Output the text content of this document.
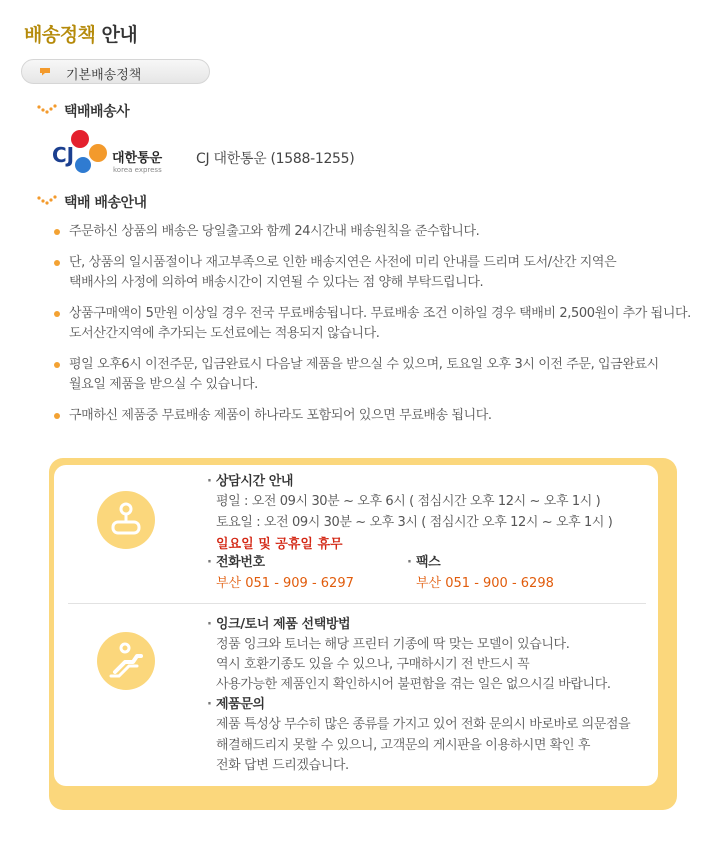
배송정책 안내
기본배송정책
택배배송사
CJ	대한통운
korea express
CJ 대한통운 (1588-1255)
택배 배송안내
주문하신 상품의 배송은 당일출고와 함께 24시간내 배송원칙을 준수합니다.
단, 상품의 일시품절이나 재고부족으로 인한 배송지연은 사전에 미리 안내를 드리며 도서/산간 지역은
택배사의 사정에 의하여 배송시간이 지연될 수 있다는 점 양해 부탁드립니다.
상품구매액이 5만원 이상일 경우 전국 무료배송됩니다. 무료배송 조건 이하일 경우 택배비 2,500원이 추가 됩니다.
도서산간지역에 추가되는 도선료에는 적용되지 않습니다.
평일 오후6시 이전주문, 입금완료시 다음날 제품을 받으실 수 있으며, 토요일 오후 3시 이전 주문, 입금완료시
월요일 제품을 받으실 수 있습니다.
구매하신 제품중 무료배송 제품이 하나라도 포함되어 있으면 무료배송 됩니다.
· 상담시간 안내
평일 : 오전 09시 30분 ~ 오후 6시 ( 점심시간 오후 12시 ~ 오후 1시 )
토요일 : 오전 09시 30분 ~ 오후 3시 ( 점심시간 오후 12시 ~ 오후 1시 )
일요일 및 공휴일 휴무
· 전화번호
부산 051 - 909 - 6297
· 팩스
부산 051 - 900 - 6298
· 잉크/토너 제품 선택방법
정품 잉크와 토너는 해당 프린터 기종에 딱 맞는 모델이 있습니다.
역시 호환기종도 있을 수 있으나, 구매하시기 전 반드시 꼭
사용가능한 제품인지 확인하시어 불편함을 겪는 일은 없으시길 바랍니다.
· 제품문의
제품 특성상 무수히 많은 종류를 가지고 있어 전화 문의시 바로바로 의문점을
해결해드리지 못할 수 있으니, 고객문의 게시판을 이용하시면 확인 후
전화 답변 드리겠습니다.
